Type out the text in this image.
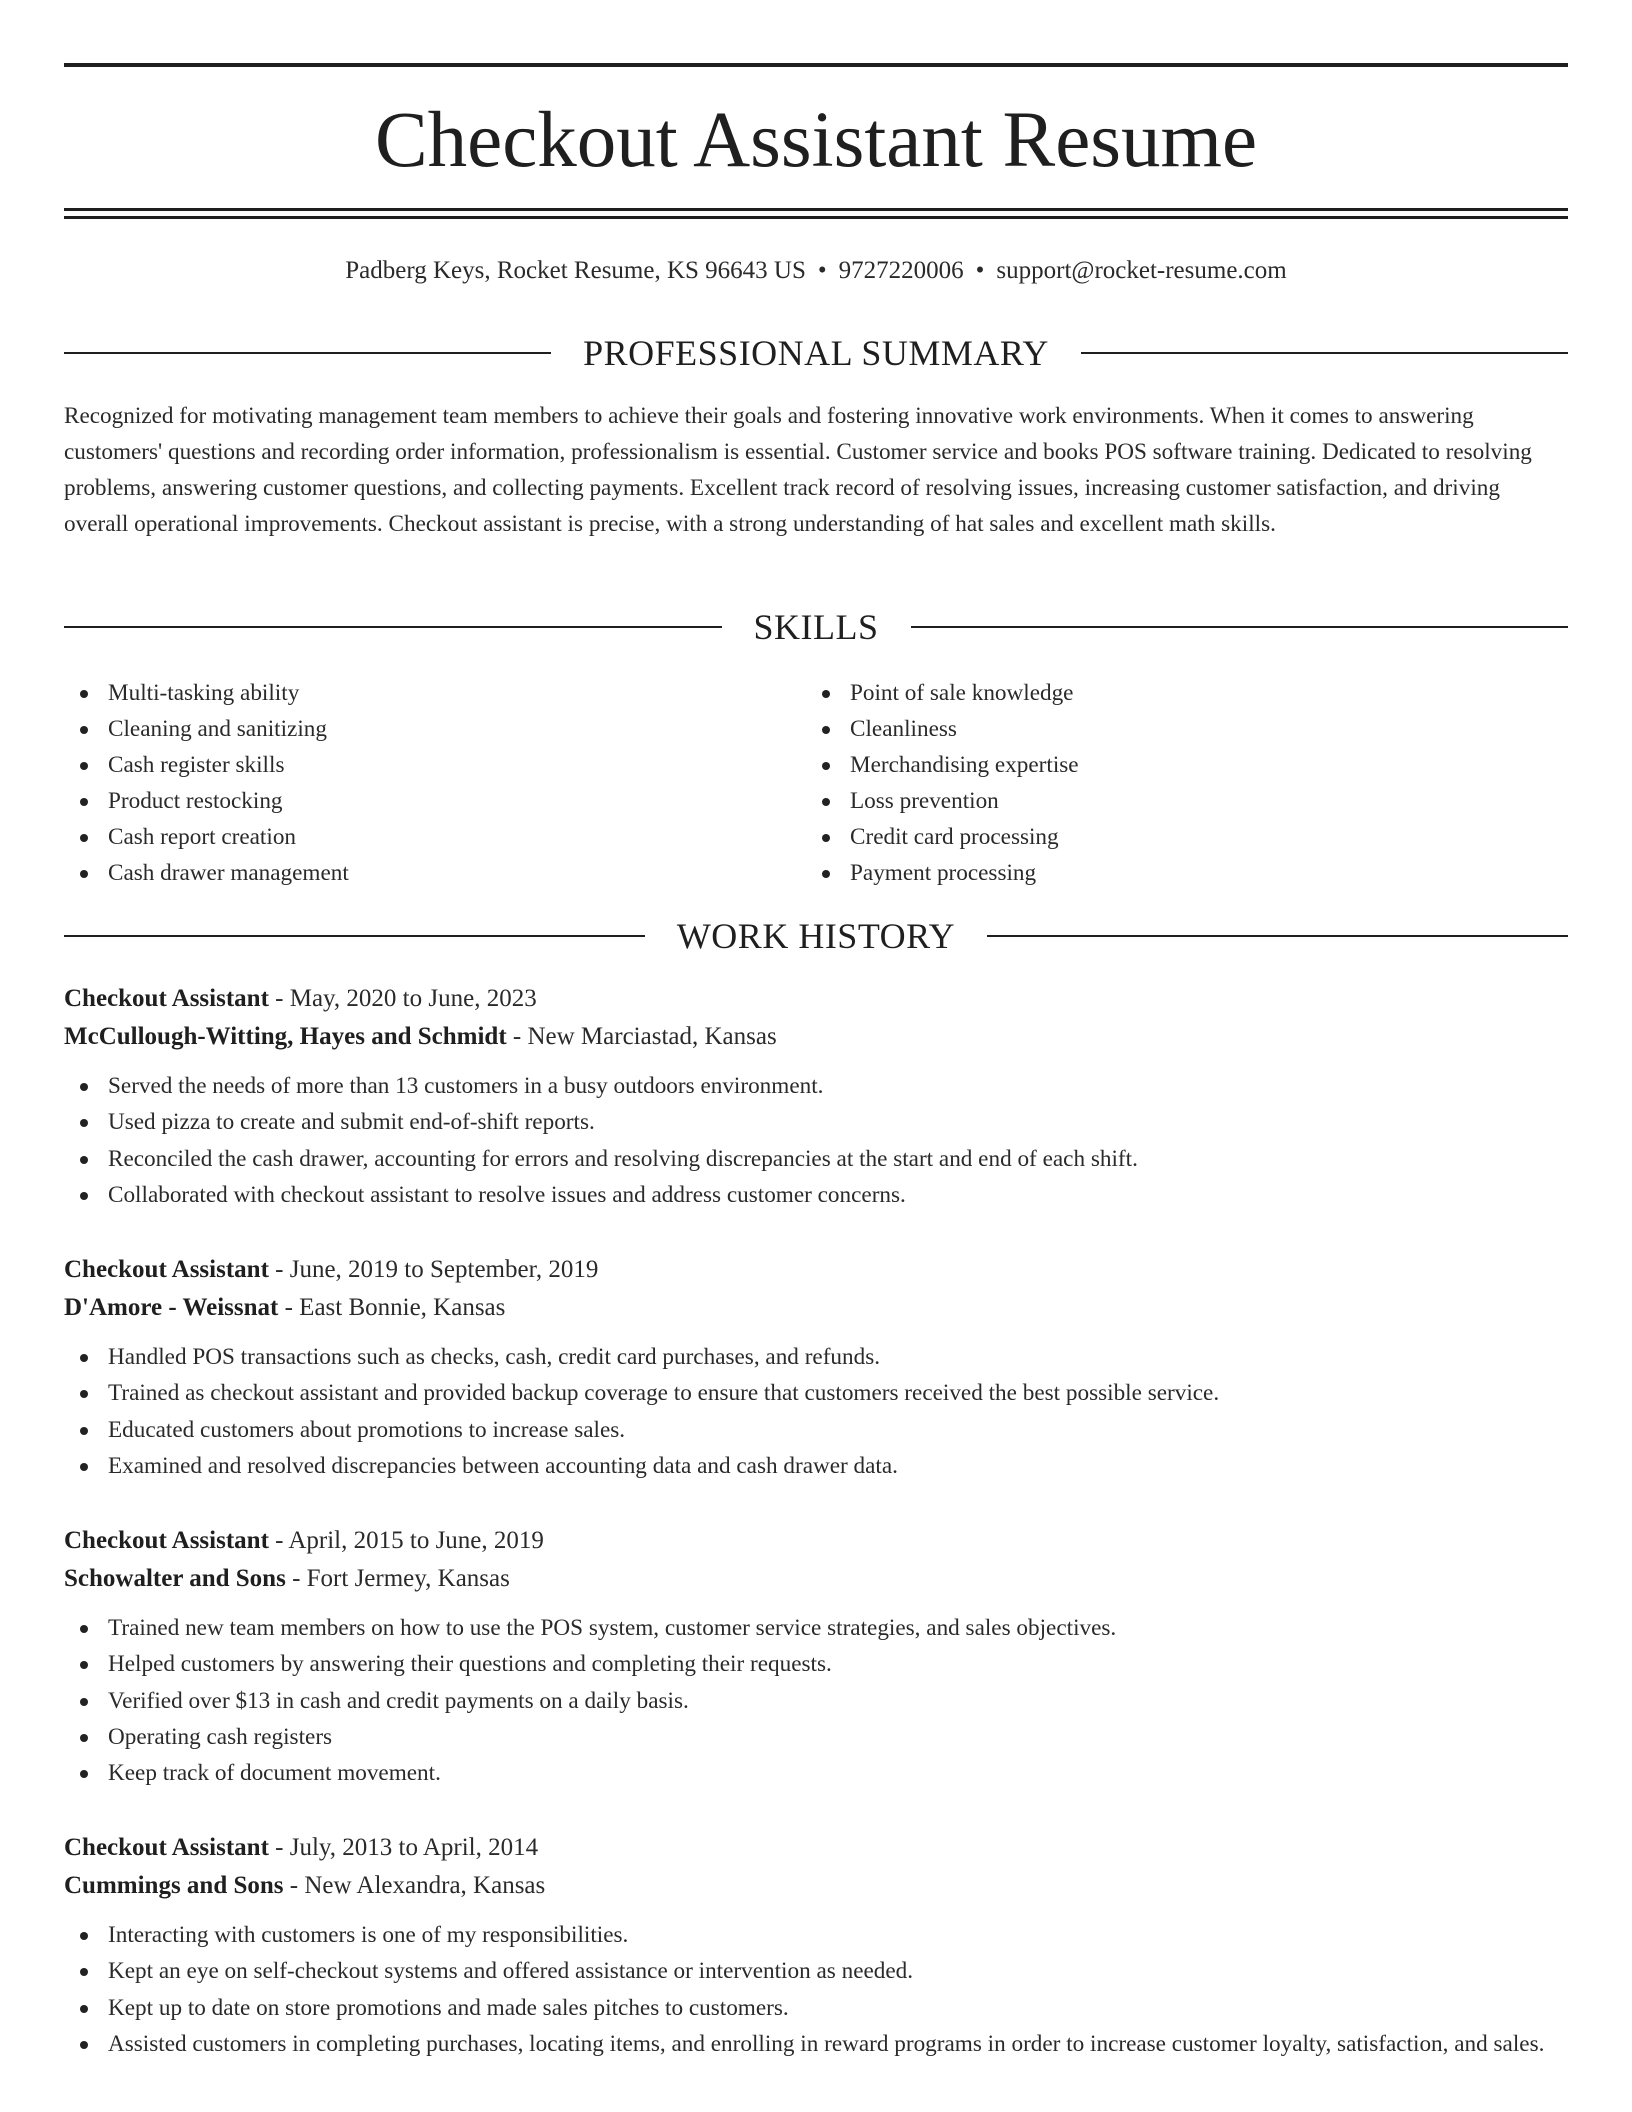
Checkout Assistant Resume
Padberg Keys, Rocket Resume, KS 96643 US • 9727220006 • support@rocket-resume.com
PROFESSIONAL SUMMARY

Recognized for motivating management team members to achieve their goals and fostering innovative work environments. When it comes to answering customers' questions and recording order information, professionalism is essential. Customer service and books POS software training. Dedicated to resolving problems, answering customer questions, and collecting payments. Excellent track record of resolving issues, increasing customer satisfaction, and driving overall operational improvements. Checkout assistant is precise, with a strong understanding of hat sales and excellent math skills.

SKILLS
Multi-tasking ability
Cleaning and sanitizing
Cash register skills
Product restocking
Cash report creation
Cash drawer management
Point of sale knowledge
Cleanliness
Merchandising expertise
Loss prevention
Credit card processing
Payment processing
WORK HISTORY
Checkout Assistant - May, 2020 to June, 2023
McCullough-Witting, Hayes and Schmidt - New Marciastad, Kansas
Served the needs of more than 13 customers in a busy outdoors environment.
Used pizza to create and submit end-of-shift reports.
Reconciled the cash drawer, accounting for errors and resolving discrepancies at the start and end of each shift.
Collaborated with checkout assistant to resolve issues and address customer concerns.
Checkout Assistant - June, 2019 to September, 2019
D'Amore - Weissnat - East Bonnie, Kansas
Handled POS transactions such as checks, cash, credit card purchases, and refunds.
Trained as checkout assistant and provided backup coverage to ensure that customers received the best possible service.
Educated customers about promotions to increase sales.
Examined and resolved discrepancies between accounting data and cash drawer data.
Checkout Assistant - April, 2015 to June, 2019
Schowalter and Sons - Fort Jermey, Kansas
Trained new team members on how to use the POS system, customer service strategies, and sales objectives.
Helped customers by answering their questions and completing their requests.
Verified over $13 in cash and credit payments on a daily basis.
Operating cash registers
Keep track of document movement.
Checkout Assistant - July, 2013 to April, 2014
Cummings and Sons - New Alexandra, Kansas
Interacting with customers is one of my responsibilities.
Kept an eye on self-checkout systems and offered assistance or intervention as needed.
Kept up to date on store promotions and made sales pitches to customers.
Assisted customers in completing purchases, locating items, and enrolling in reward programs in order to increase customer loyalty, satisfaction, and sales.
